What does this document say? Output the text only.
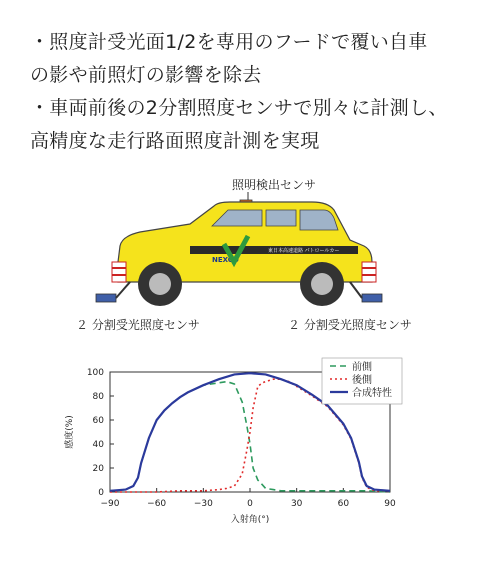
・照度計受光面1/2を専用のフードで覆い自車

の影や前照灯の影響を除去

・車両前後の2分割照度センサで別々に計測し、

高精度な走行路面照度計測を実現

照明検出センサ
２ 分割受光照度センサ	２ 分割受光照度センサ
NEXCO
東日本高速道路 パトロールカー
−90	−60	−30	0	30	60	90
0
20
40
60
80
100
入射角(°)
感度(%)
前側
後側
合成特性
